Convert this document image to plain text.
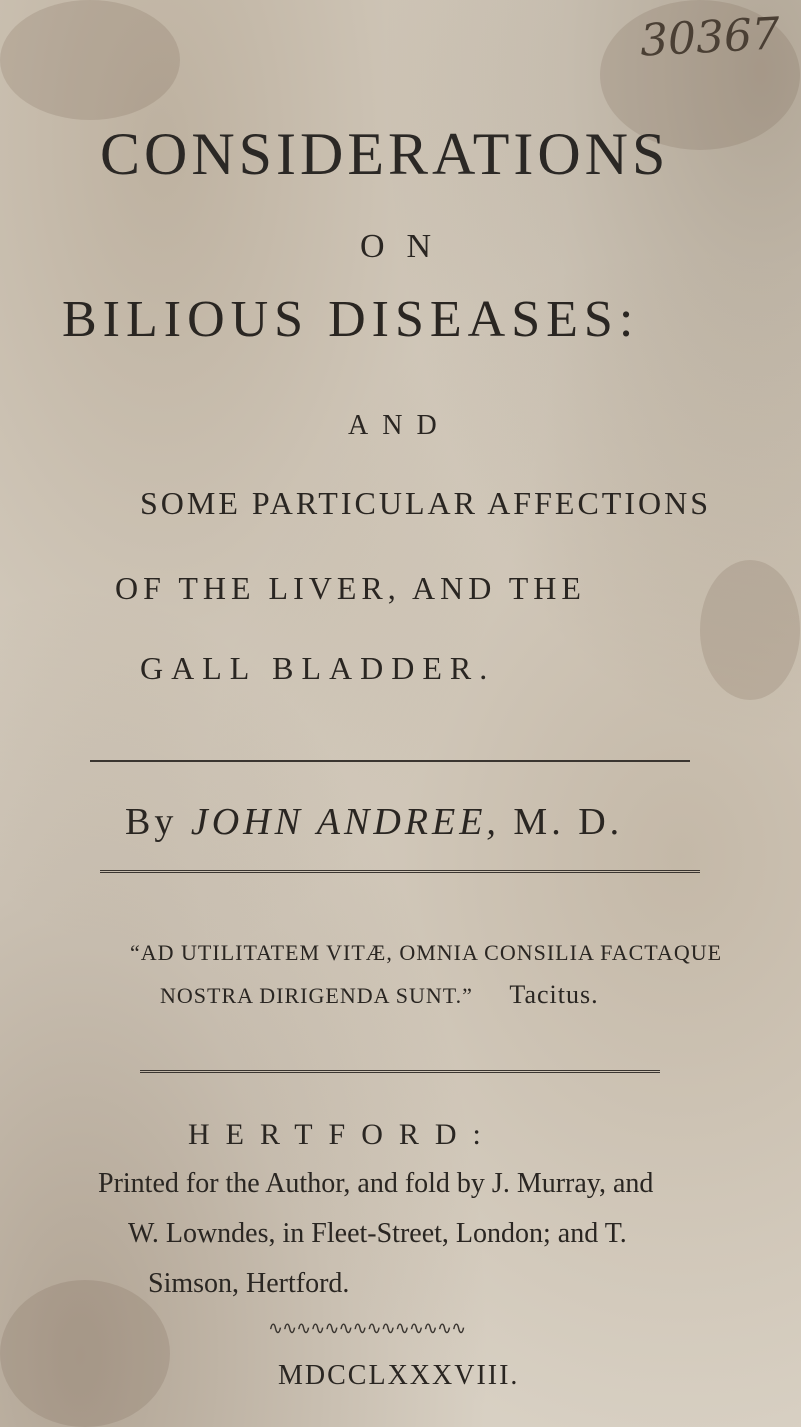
30367
CONSIDERATIONS
ON
BILIOUS DISEASES:
AND
SOME PARTICULAR AFFECTIONS
OF THE LIVER, AND THE
GALL BLADDER.
By JOHN ANDREE, M. D.
“AD UTILITATEM VITÆ, OMNIA CONSILIA FACTAQUE
NOSTRA DIRIGENDA SUNT.” Tacitus.
HERTFORD:
Printed for the Author, and fold by J. Murray, and
W. Lowndes, in Fleet-Street, London; and T.
Simson, Hertford.
∿∿∿∿∿∿∿∿∿∿∿∿∿∿
MDCCLXXXVIII.
